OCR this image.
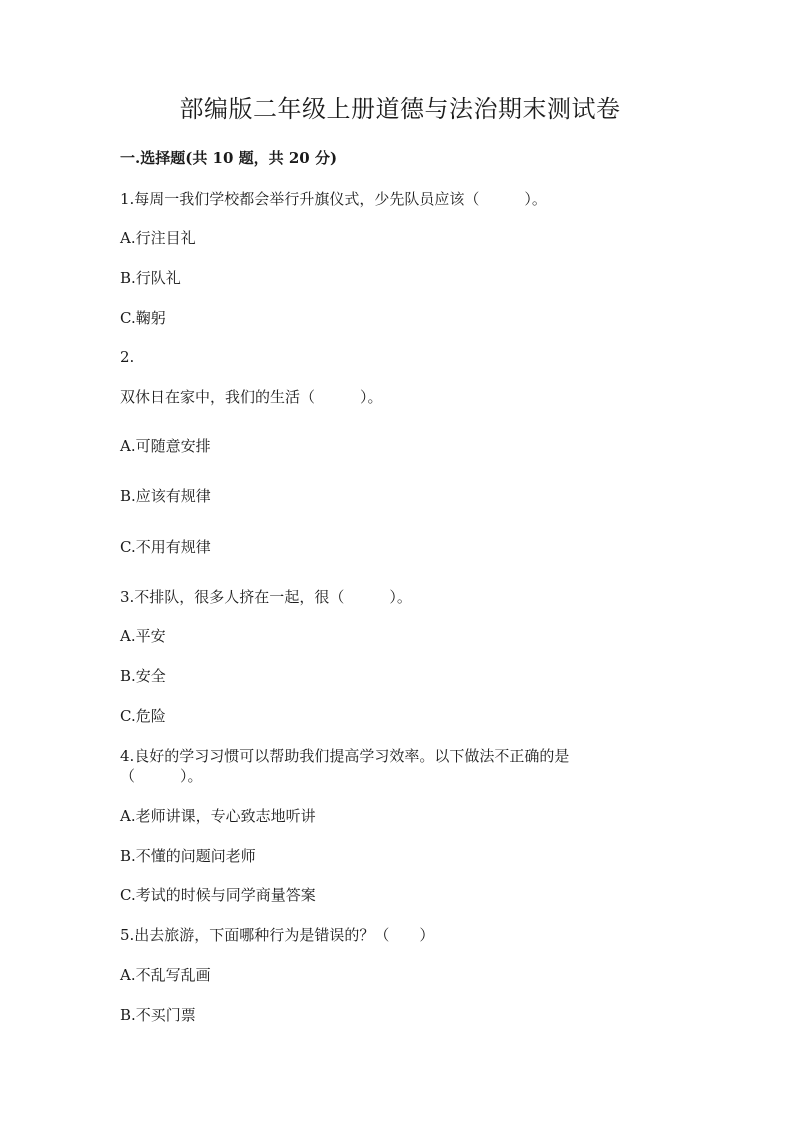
部编版二年级上册道德与法治期末测试卷
一.选择题(共 10 题，共 20 分)
1.每周一我们学校都会举行升旗仪式，少先队员应该（　　　）。
A.行注目礼
B.行队礼
C.鞠躬
2.
双休日在家中，我们的生活（　　　）。
A.可随意安排
B.应该有规律
C.不用有规律
3.不排队，很多人挤在一起，很（　　　）。
A.平安
B.安全
C.危险
4.良好的学习习惯可以帮助我们提高学习效率。以下做法不正确的是
（　　　）。
A.老师讲课，专心致志地听讲
B.不懂的问题问老师
C.考试的时候与同学商量答案
5.出去旅游，下面哪种行为是错误的？（　　）
A.不乱写乱画
B.不买门票
